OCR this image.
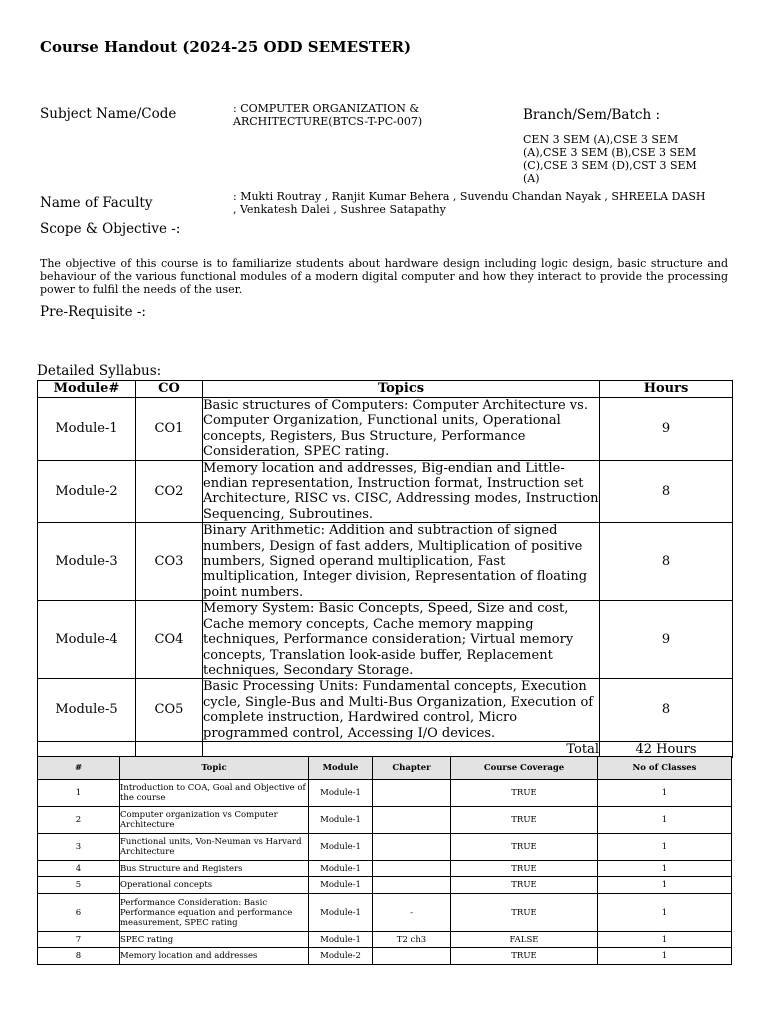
Course Handout (2024-25 ODD SEMESTER)
Subject Name/Code	: COMPUTER ORGANIZATION & ARCHITECTURE(BTCS-T-PC-007)	Branch/Sem/Batch :
CEN 3 SEM (A),CSE 3 SEM (A),CSE 3 SEM (B),CSE 3 SEM (C),CSE 3 SEM (D),CST 3 SEM (A)
Name of Faculty	: Mukti Routray , Ranjit Kumar Behera , Suvendu Chandan Nayak , SHREELA DASH , Venkatesh Dalei , Sushree Satapathy
Scope & Objective -:
The objective of this course is to familiarize students about hardware design including logic design, basic structure and behaviour of the various functional modules of a modern digital computer and how they interact to provide the processing power to fulfil the needs of the user.
Pre-Requisite -:
Detailed Syllabus:
Module#	CO	Topics	Hours
Module-1	CO1	Basic structures of Computers: Computer Architecture vs. Computer Organization, Functional units, Operational concepts, Registers, Bus Structure, Performance Consideration, SPEC rating.	9
Module-2	CO2	Memory location and addresses, Big-endian and Little-endian representation, Instruction format, Instruction set Architecture, RISC vs. CISC, Addressing modes, Instruction Sequencing, Subroutines.	8
Module-3	CO3	Binary Arithmetic: Addition and subtraction of signed numbers, Design of fast adders, Multiplication of positive numbers, Signed operand multiplication, Fast multiplication, Integer division, Representation of floating point numbers.	8
Module-4	CO4	Memory System: Basic Concepts, Speed, Size and cost, Cache memory concepts, Cache memory mapping techniques, Performance consideration; Virtual memory concepts, Translation look-aside buffer, Replacement techniques, Secondary Storage.	9
Module-5	CO5	Basic Processing Units: Fundamental concepts, Execution cycle, Single-Bus and Multi-Bus Organization, Execution of complete instruction, Hardwired control, Micro programmed control, Accessing I/O devices.	8
		Total	42 Hours
#	Topic	Module	Chapter	Course Coverage	No of Classes
1	Introduction to COA, Goal and Objective of the course	Module-1		TRUE	1
2	Computer organization vs Computer Architecture	Module-1		TRUE	1
3	Functional units, Von-Neuman vs Harvard Architecture	Module-1		TRUE	1
4	Bus Structure and Registers	Module-1		TRUE	1
5	Operational concepts	Module-1		TRUE	1
6	Performance Consideration: Basic Performance equation and performance measurement, SPEC rating	Module-1	-	TRUE	1
7	SPEC rating	Module-1	T2 ch3	FALSE	1
8	Memory location and addresses	Module-2		TRUE	1
